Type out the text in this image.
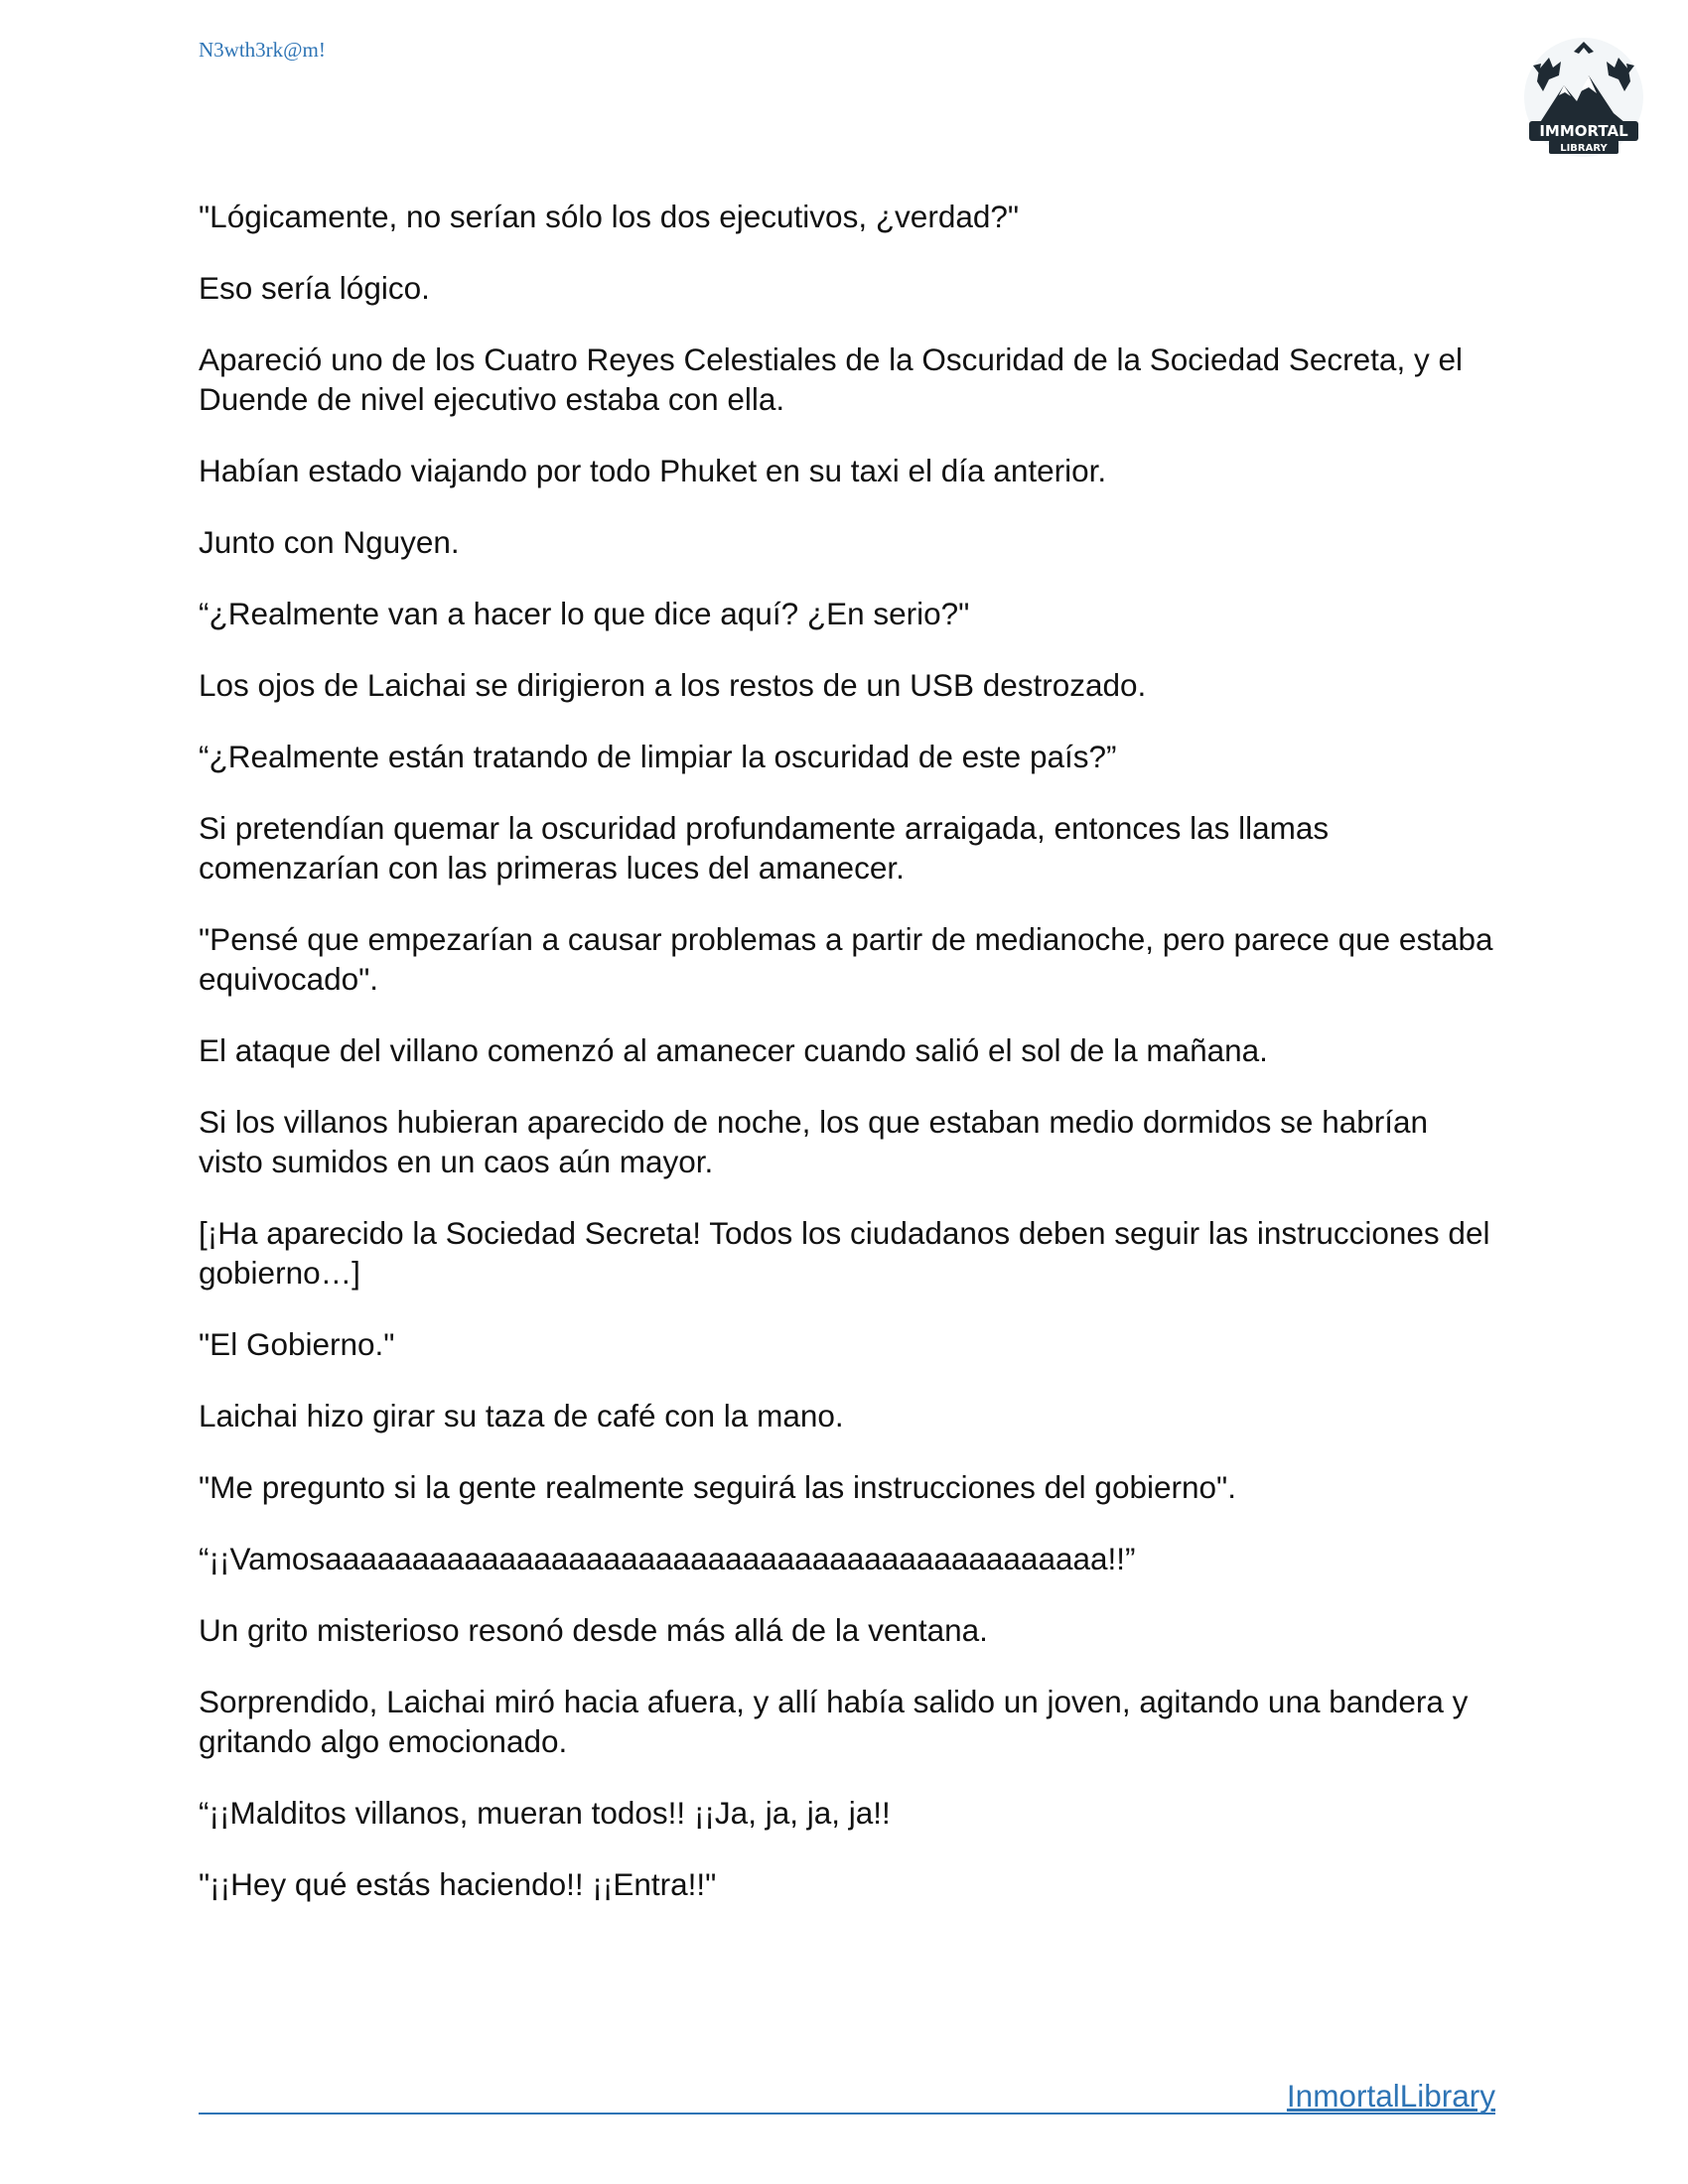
N3wth3rk@m!
IMMORTAL
LIBRARY

"Lógicamente, no serían sólo los dos ejecutivos, ¿verdad?"

Eso sería lógico.

Apareció uno de los Cuatro Reyes Celestiales de la Oscuridad de la Sociedad Secreta, y el Duende de nivel ejecutivo estaba con ella.

Habían estado viajando por todo Phuket en su taxi el día anterior.

Junto con Nguyen.

“¿Realmente van a hacer lo que dice aquí? ¿En serio?"

Los ojos de Laichai se dirigieron a los restos de un USB destrozado.

“¿Realmente están tratando de limpiar la oscuridad de este país?”

Si pretendían quemar la oscuridad profundamente arraigada, entonces las llamas comenzarían con las primeras luces del amanecer.

"Pensé que empezarían a causar problemas a partir de medianoche, pero parece que estaba equivocado".

El ataque del villano comenzó al amanecer cuando salió el sol de la mañana.

Si los villanos hubieran aparecido de noche, los que estaban medio dormidos se habrían visto sumidos en un caos aún mayor.

[¡Ha aparecido la Sociedad Secreta! Todos los ciudadanos deben seguir las instrucciones del gobierno…]

"El Gobierno."

Laichai hizo girar su taza de café con la mano.

"Me pregunto si la gente realmente seguirá las instrucciones del gobierno".

“¡¡Vamosaaaaaaaaaaaaaaaaaaaaaaaaaaaaaaaaaaaaaaaaaaaaa!!”

Un grito misterioso resonó desde más allá de la ventana.

Sorprendido, Laichai miró hacia afuera, y allí había salido un joven, agitando una bandera y gritando algo emocionado.

“¡¡Malditos villanos, mueran todos!! ¡¡Ja, ja, ja, ja!!

"¡¡Hey qué estás haciendo!! ¡¡Entra!!"

InmortalLibrary
